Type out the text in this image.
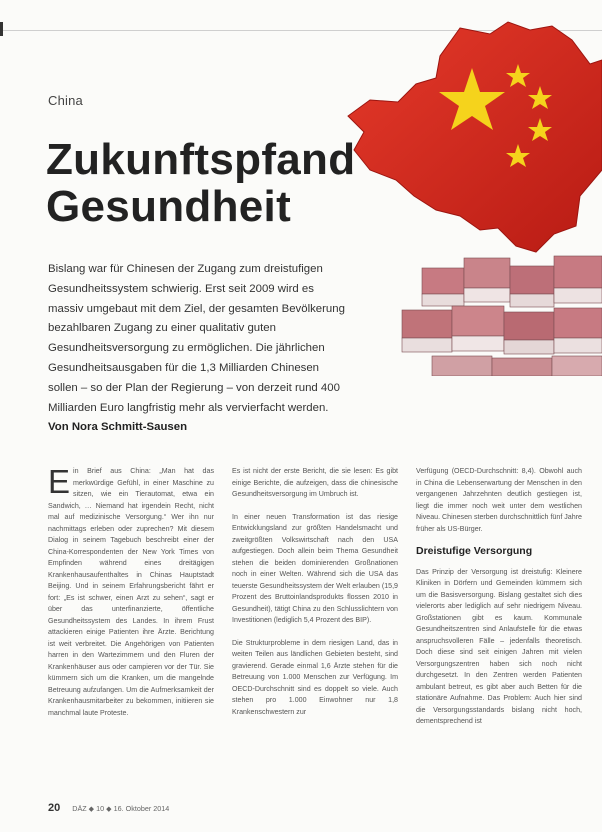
China
Zukunftspfand
Gesundheit
Bislang war für Chinesen der Zugang zum dreistufigen Gesundheitssystem schwierig. Erst seit 2009 wird es massiv umgebaut mit dem Ziel, der gesamten Bevölkerung bezahlbaren Zugang zu einer qualitativ guten Gesundheitsversorgung zu ermöglichen. Die jährlichen Gesundheitsausgaben für die 1,3 Milliarden Chinesen sollen – so der Plan der Regierung – von derzeit rund 400 Milliarden Euro langfristig mehr als vervierfacht werden. Von Nora Schmitt-Sausen

E in Brief aus China: „Man hat das merkwürdige Gefühl, in einer Maschine zu sitzen, wie ein Tierautomat, etwa ein Sandwich, … Niemand hat irgendein Recht, nicht mal auf medizinische Versorgung.“ Wer ihn nur nachmittags erleben oder zuprechen? Mit diesem Dialog in seinem Tagebuch beschreibt einer der China-Korrespondenten der New York Times von Empfinden während eines dreitägigen Krankenhausaufenthaltes in Chinas Hauptstadt Beijing. Und in seinem Erfahrungsbericht fährt er fort: „Es ist schwer, einen Arzt zu sehen“, sagt er über das unterfinanzierte, öffentliche Gesundheitssystem des Landes. In ihrem Frust attackieren einige Patienten ihre Ärzte. Berichtung ist weit verbreitet. Die Angehörigen von Patienten harren in den Wartezimmern und den Fluren der Krankenhäuser aus oder campieren vor der Tür. Sie kümmern sich um die Kranken, um die mangelnde Betreuung aufzufangen. Um die Aufmerksamkeit der Krankenhausmitarbeiter zu bekommen, initiieren sie manchmal laute Proteste.

Es ist nicht der erste Bericht, die sie lesen: Es gibt einige Berichte, die aufzeigen, dass die chinesische Gesundheitsversorgung im Umbruch ist.

In einer neuen Transformation ist das riesige Entwicklungsland zur größten Handelsmacht und zweitgrößten Volkswirtschaft nach den USA aufgestiegen. Doch allein beim Thema Gesundheit stehen die beiden dominierenden Großnationen noch in einer Welten. Während sich die USA das teuerste Gesundheitssystem der Welt erlauben (15,9 Prozent des Bruttoinlandsprodukts flossen 2010 in Gesundheit), tätigt China zu den Schlusslichtern von Investitionen (lediglich 5,4 Prozent des BIP).

Die Strukturprobleme in dem riesigen Land, das in weiten Teilen aus ländlichen Gebieten besteht, sind gravierend. Gerade einmal 1,6 Ärzte stehen für die Betreuung von 1.000 Menschen zur Verfügung. Im OECD-Durchschnitt sind es doppelt so viele. Auch stehen pro 1.000 Einwohner nur 1,8 Krankenschwestern zur

Verfügung (OECD-Durchschnitt: 8,4). Obwohl auch in China die Lebenserwartung der Menschen in den vergangenen Jahrzehnten deutlich gestiegen ist, liegt die immer noch weit unter dem westlichen Niveau. Chinesen sterben durchschnittlich fünf Jahre früher als US-Bürger.

Dreistufige Versorgung

Das Prinzip der Versorgung ist dreistufig: Kleinere Kliniken in Dörfern und Gemeinden kümmern sich um die Basisversorgung. Bislang gestaltet sich dies vielerorts aber lediglich auf sehr niedrigem Niveau. Großstationen gibt es kaum. Kommunale Gesundheitszentren sind Anlaufstelle für die etwas anspruchsvolleren Fälle – jedenfalls theoretisch. Doch diese sind seit einigen Jahren mit vielen Versorgungszentren haben sich noch nicht durchgesetzt. In den Zentren werden Patienten ambulant betreut, es gibt aber auch Betten für die stationäre Aufnahme. Das Problem: Auch hier sind die Versorgungsstandards bislang nicht hoch, dementsprechend ist

20 DÄZ ◆ 10 ◆ 16. Oktober 2014
